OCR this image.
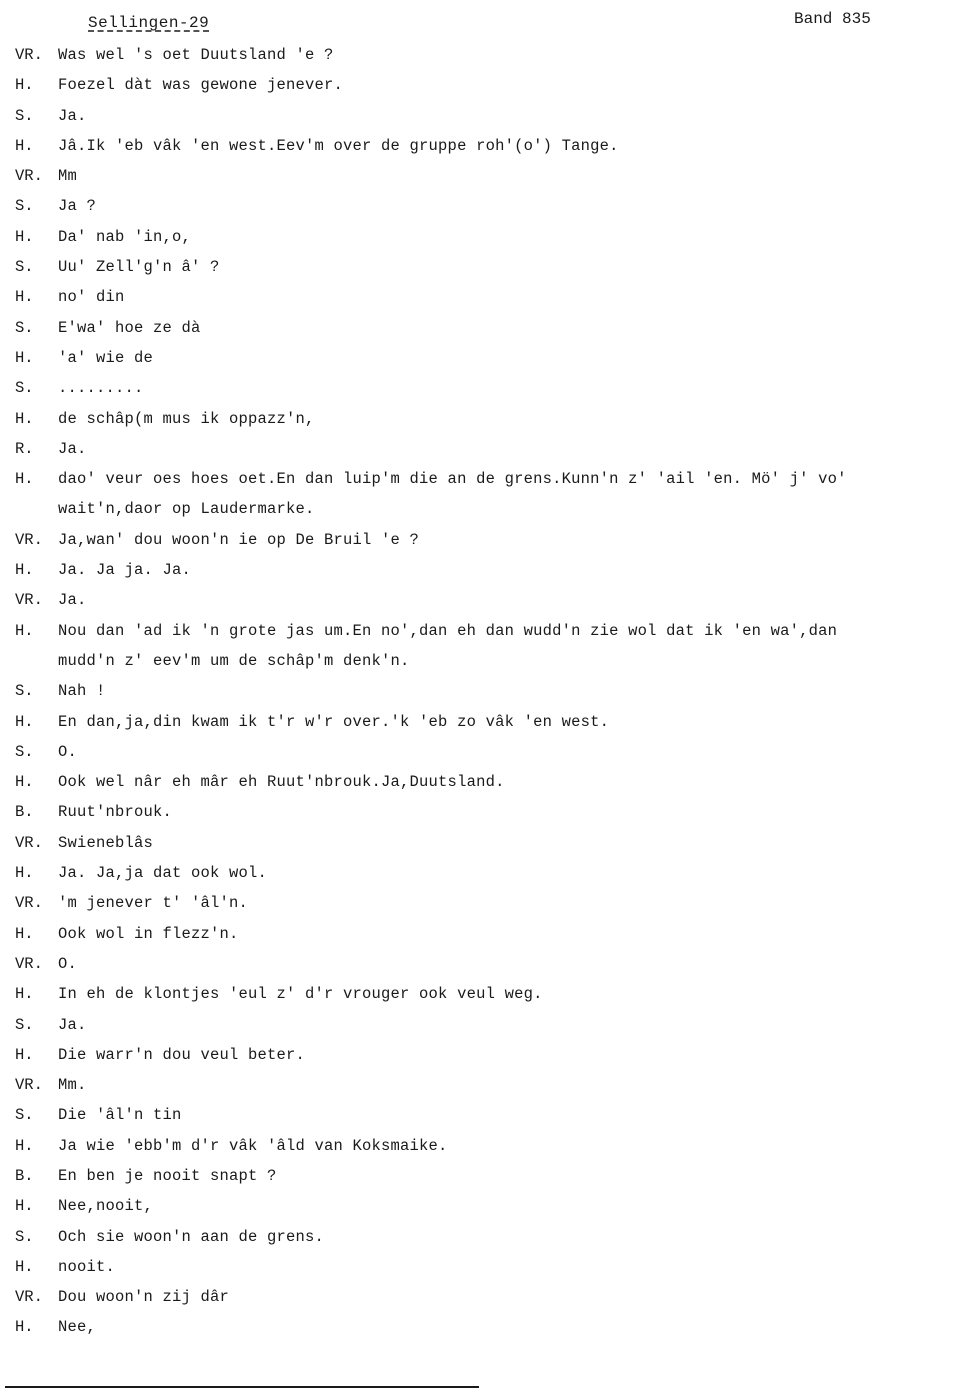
Sellingen-29	Band 835
VR. Was wel 's oet Duutsland 'e ?
H. Foezel dàt was gewone jenever.
S. Ja.
H. Jâ.Ik 'eb vâk 'en west.Eev'm over de gruppe roh'(o') Tange.
VR. Mm
S. Ja ?
H. Da' nab 'in,o,
S. Uu' Zell'g'n â' ?
H. no' din
S. E'wa' hoe ze dà
H. 'a' wie de
S. .........
H. de schâp(m mus ik oppazz'n,
R. Ja.
H. dao' veur oes hoes oet.En dan luip'm die an de grens.Kunn'n z' 'ail 'en. Mö' j' vo'
wait'n,daor op Laudermarke.
VR. Ja,wan' dou woon'n ie op De Bruil 'e ?
H. Ja. Ja ja. Ja.
VR. Ja.
H. Nou dan 'ad ik 'n grote jas um.En no',dan eh dan wudd'n zie wol dat ik 'en wa',dan
mudd'n z' eev'm um de schâp'm denk'n.
S. Nah !
H. En dan,ja,din kwam ik t'r w'r over.'k 'eb zo vâk 'en west.
S. O.
H. Ook wel nâr eh mâr eh Ruut'nbrouk.Ja,Duutsland.
B. Ruut'nbrouk.
VR. Swieneblâs
H. Ja. Ja,ja dat ook wol.
VR. 'm jenever t' 'âl'n.
H. Ook wol in flezz'n.
VR. O.
H. In eh de klontjes 'eul z' d'r vrouger ook veul weg.
S. Ja.
H. Die warr'n dou veul beter.
VR. Mm.
S. Die 'âl'n tin
H. Ja wie 'ebb'm d'r vâk 'âld van Koksmaike.
B. En ben je nooit snapt ?
H. Nee,nooit,
S. Och sie woon'n aan de grens.
H. nooit.
VR. Dou woon'n zij dâr
H. Nee,
